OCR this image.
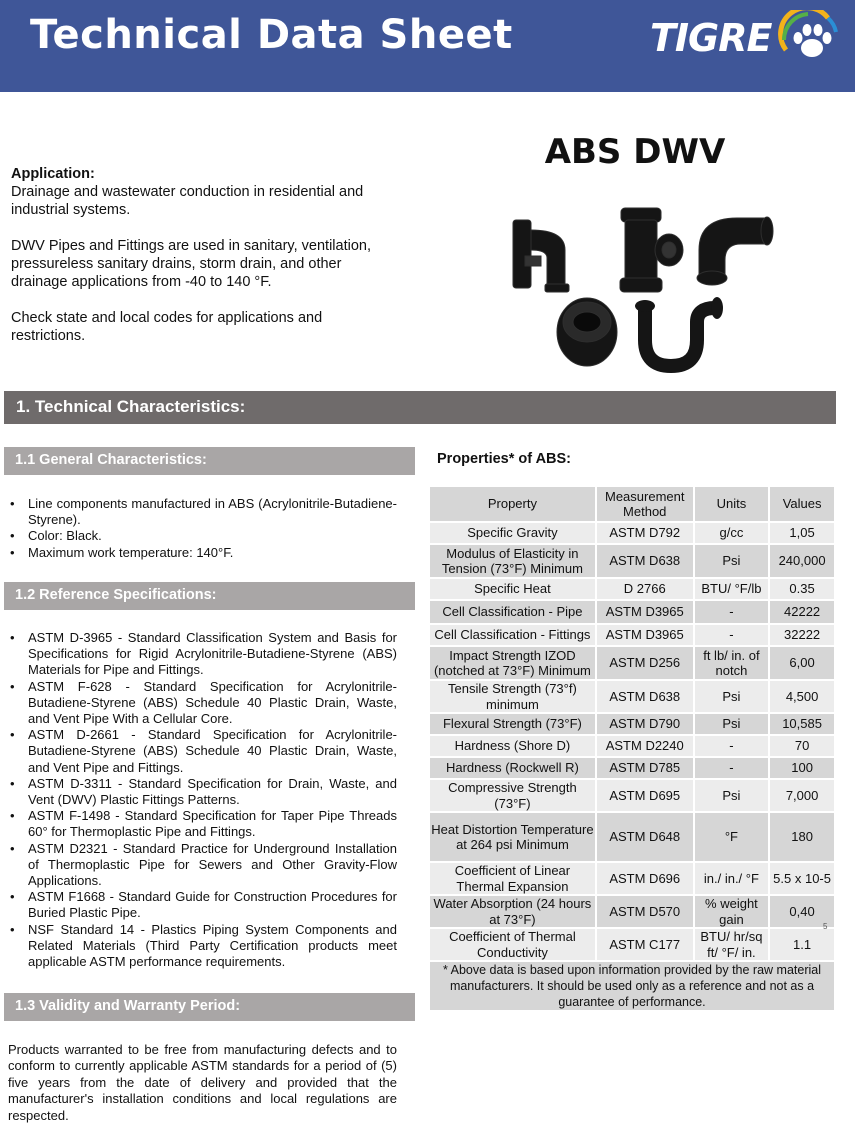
Technical Data Sheet	TIGRE

Application:
Drainage and wastewater conduction in residential and industrial systems.

DWV Pipes and Fittings are used in sanitary, ventilation, pressureless sanitary drains, storm drain, and other drainage applications from -40 to 140 °F.

Check state and local codes for applications and restrictions.

ABS DWV
1. Technical Characteristics:
1.1 General Characteristics:
• Line components manufactured in ABS (Acrylonitrile-Butadiene-Styrene).
• Color: Black.
• Maximum work temperature: 140°F.
1.2 Reference Specifications:
• ASTM D-3965 - Standard Classification System and Basis for Specifications for Rigid Acrylonitrile-Butadiene-Styrene (ABS) Materials for Pipe and Fittings.
• ASTM F-628 - Standard Specification for Acrylonitrile-Butadiene-Styrene (ABS) Schedule 40 Plastic Drain, Waste, and Vent Pipe With a Cellular Core.
• ASTM D-2661 - Standard Specification for Acrylonitrile-Butadiene-Styrene (ABS) Schedule 40 Plastic Drain, Waste, and Vent Pipe and Fittings.
• ASTM D-3311 - Standard Specification for Drain, Waste, and Vent (DWV) Plastic Fittings Patterns.
• ASTM F-1498 - Standard Specification for Taper Pipe Threads 60° for Thermoplastic Pipe and Fittings.
• ASTM D2321 - Standard Practice for Underground Installation of Thermoplastic Pipe for Sewers and Other Gravity-Flow Applications.
• ASTM F1668 - Standard Guide for Construction Procedures for Buried Plastic Pipe.
• NSF Standard 14 - Plastics Piping System Components and Related Materials (Third Party Certification products meet applicable ASTM performance requirements.
1.3 Validity and Warranty Period:

Products warranted to be free from manufacturing defects and to conform to currently applicable ASTM standards for a period of (5) five years from the date of delivery and provided that the manufacturer's installation conditions and local regulations are respected.

Properties* of ABS:
Property	Measurement Method	Units	Values
Specific Gravity	ASTM D792	g/cc	1,05
Modulus of Elasticity in Tension (73°F) Minimum	ASTM D638	Psi	240,000
Specific Heat	D 2766	BTU/ °F/lb	0.35
Cell Classification - Pipe	ASTM D3965	-	42222
Cell Classification - Fittings	ASTM D3965	-	32222
Impact Strength IZOD (notched at 73°F) Minimum	ASTM D256	ft lb/ in. of notch	6,00
Tensile Strength (73°f) minimum	ASTM D638	Psi	4,500
Flexural Strength (73°F)	ASTM D790	Psi	10,585
Hardness (Shore D)	ASTM D2240	-	70
Hardness (Rockwell R)	ASTM D785	-	100
Compressive Strength (73°F)	ASTM D695	Psi	7,000
Heat Distortion Temperature at 264 psi Minimum	ASTM D648	°F	180
Coefficient of Linear Thermal Expansion	ASTM D696	in./ in./ °F	5.5 x 10-5
Water Absorption (24 hours at 73°F)	ASTM D570	% weight gain	0,40
Coefficient of Thermal Conductivity	ASTM C177	BTU/ hr/sq ft/ °F/ in.	1.1
* Above data is based upon information provided by the raw material manufacturers. It should be used only as a reference and not as a guarantee of performance.			
5
